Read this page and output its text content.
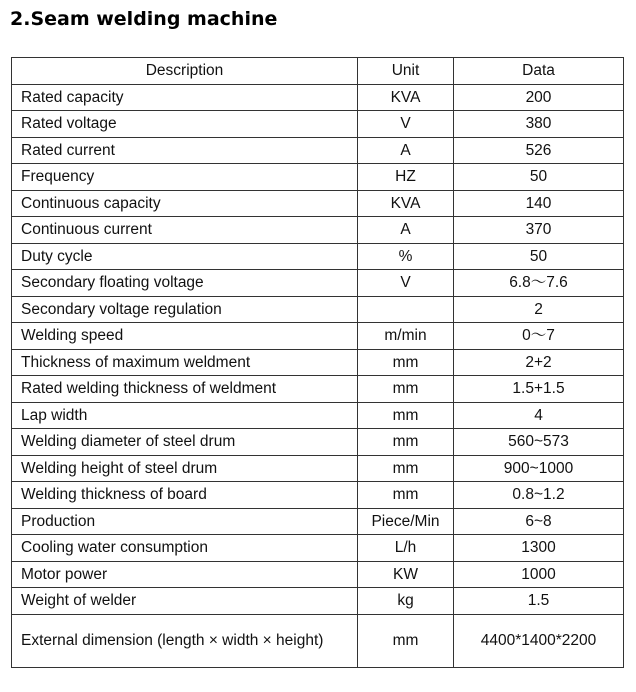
2.Seam welding machine
Description	Unit	Data
Rated capacity	KVA	200
Rated voltage	V	380
Rated current	A	526
Frequency	HZ	50
Continuous capacity	KVA	140
Continuous current	A	370
Duty cycle	%	50
Secondary floating voltage	V	6.8～7.6
Secondary voltage regulation		2
Welding speed	m/min	0～7
Thickness of maximum weldment	mm	2+2
Rated welding thickness of weldment	mm	1.5+1.5
Lap width	mm	4
Welding diameter of steel drum	mm	560~573
Welding height of steel drum	mm	900~1000
Welding thickness of board	mm	0.8~1.2
Production	Piece/Min	6~8
Cooling water consumption	L/h	1300
Motor power	KW	1000
Weight of welder	kg	1.5
External dimension (length × width × height)	mm	4400*1400*2200
